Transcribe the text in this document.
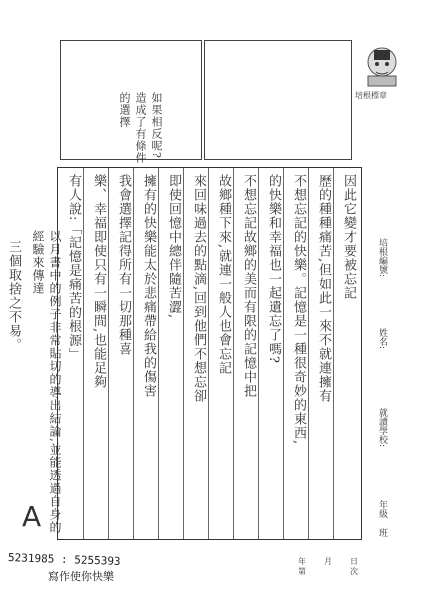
培根標章
如果相反呢?造成了有條件的選擇
因此它變才要被忘記
歷的種種痛苦,但如此一來不就連擁有
不想忘記的快樂。記憶是一種很奇妙的東西,
的快樂和幸福也一起遺忘了嗎?
不想忘記故鄉的美而有限的記憶中把
故鄉種下來,就連一般人也會忘記
來回味過去的點滴,回到他們不想忘卻
即使回憶中總伴隨苦澀,
擁有的快樂能太於悲痛帶給我的傷害
我會選擇記得所有一切那種喜
樂、幸福即使只有一瞬間,也能足夠
有人說:「記憶是痛苦的根源」
三個取捨之不易。	以月書中的例子非常貼切的導出結論,並能透過自身的經驗來傳達
A
培根編號:
姓名:
就讀學校:
年級
班
年 月 日
第	次
5231985 : 5255393
寫作使你快樂
